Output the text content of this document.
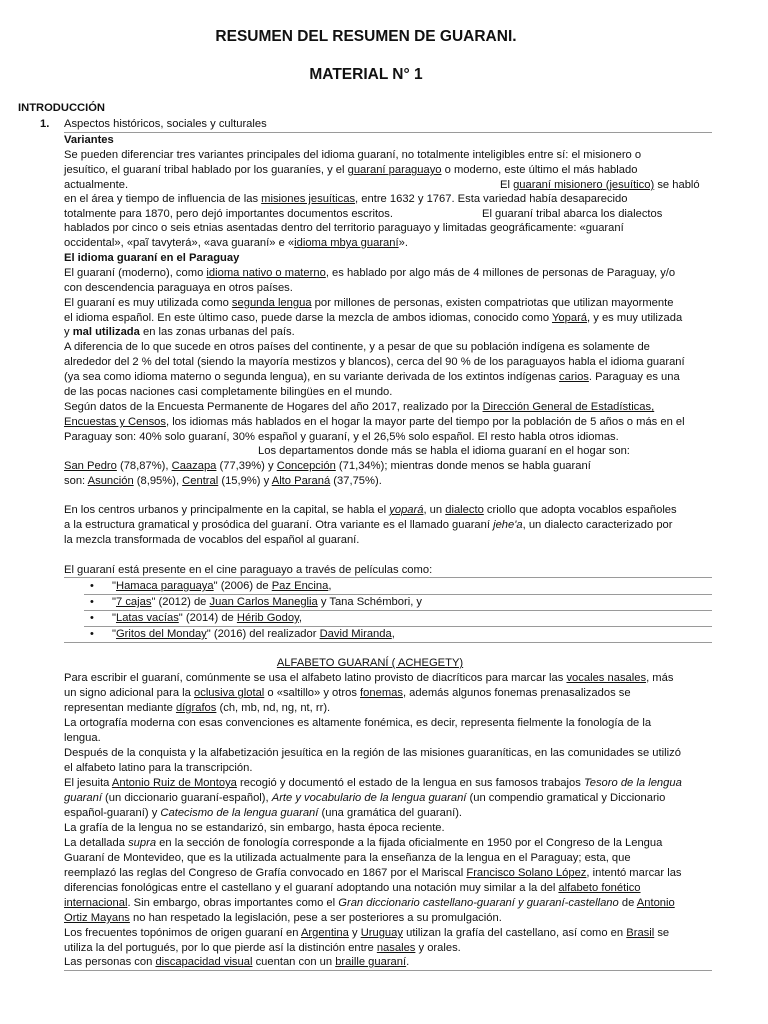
RESUMEN DEL RESUMEN DE GUARANI.
MATERIAL N° 1
INTRODUCCIÓN
1. Aspectos históricos, sociales y culturales
Variantes
Se pueden diferenciar tres variantes principales del idioma guaraní, no totalmente inteligibles entre sí: el misionero o
jesuítico, el guaraní tribal hablado por los guaraníes, y el guaraní paraguayo o moderno, este último el más hablado
actualmente.	El guaraní misionero (jesuítico) se habló
en el área y tiempo de influencia de las misiones jesuíticas, entre 1632 y 1767. Esta variedad había desaparecido
totalmente para 1870, pero dejó importantes documentos escritos.	El guaraní tribal abarca los dialectos
hablados por cinco o seis etnias asentadas dentro del territorio paraguayo y limitadas geográficamente: «guaraní
occidental», «paĩ tavyterá», «ava guaraní» e «idioma mbya guaraní».
El idioma guaraní en el Paraguay
El guaraní (moderno), como idioma nativo o materno, es hablado por algo más de 4 millones de personas de Paraguay, y/o
con descendencia paraguaya en otros países.
El guaraní es muy utilizada como segunda lengua por millones de personas, existen compatriotas que utilizan mayormente
el idioma español. En este último caso, puede darse la mezcla de ambos idiomas, conocido como Yopará, y es muy utilizada
y mal utilizada en las zonas urbanas del país.
A diferencia de lo que sucede en otros países del continente, y a pesar de que su población indígena es solamente de
alrededor del 2 % del total (siendo la mayoría mestizos y blancos), cerca del 90 % de los paraguayos habla el idioma guaraní
(ya sea como idioma materno o segunda lengua), en su variante derivada de los extintos indígenas carios. Paraguay es una
de las pocas naciones casi completamente bilingües en el mundo.
Según datos de la Encuesta Permanente de Hogares del año 2017, realizado por la Dirección General de Estadísticas,
Encuestas y Censos, los idiomas más hablados en el hogar la mayor parte del tiempo por la población de 5 años o más en el
Paraguay son: 40% solo guaraní, 30% español y guaraní, y el 26,5% solo español. El resto habla otros idiomas.
Los departamentos donde más se habla el idioma guaraní en el hogar son:
San Pedro (78,87%), Caazapa (77,39%) y Concepción (71,34%); mientras donde menos se habla guaraní
son: Asunción (8,95%), Central (15,9%) y Alto Paraná (37,75%).
En los centros urbanos y principalmente en la capital, se habla el yopará, un dialecto criollo que adopta vocablos españoles
a la estructura gramatical y prosódica del guaraní. Otra variante es el llamado guaraní jehe'a, un dialecto caracterizado por
la mezcla transformada de vocablos del español al guaraní.
El guaraní está presente en el cine paraguayo a través de películas como:
• "Hamaca paraguaya" (2006) de Paz Encina,
• "7 cajas" (2012) de Juan Carlos Maneglia y Tana Schémbori, y
• "Latas vacías" (2014) de Hérib Godoy,
• "Gritos del Monday" (2016) del realizador David Miranda,
ALFABETO GUARANÍ ( ACHEGETY)
Para escribir el guaraní, comúnmente se usa el alfabeto latino provisto de diacríticos para marcar las vocales nasales, más
un signo adicional para la oclusiva glotal o «saltillo» y otros fonemas, además algunos fonemas prenasalizados se
representan mediante dígrafos (ch, mb, nd, ng, nt, rr).
La ortografía moderna con esas convenciones es altamente fonémica, es decir, representa fielmente la fonología de la
lengua.
Después de la conquista y la alfabetización jesuítica en la región de las misiones guaraníticas, en las comunidades se utilizó
el alfabeto latino para la transcripción.
El jesuita Antonio Ruiz de Montoya recogió y documentó el estado de la lengua en sus famosos trabajos Tesoro de la lengua
guaraní (un diccionario guaraní-español), Arte y vocabulario de la lengua guaraní (un compendio gramatical y Diccionario
español-guaraní) y Catecismo de la lengua guaraní (una gramática del guaraní).
La grafía de la lengua no se estandarizó, sin embargo, hasta época reciente.
La detallada supra en la sección de fonología corresponde a la fijada oficialmente en 1950 por el Congreso de la Lengua
Guaraní de Montevideo, que es la utilizada actualmente para la enseñanza de la lengua en el Paraguay; esta, que
reemplazó las reglas del Congreso de Grafía convocado en 1867 por el Mariscal Francisco Solano López, intentó marcar las
diferencias fonológicas entre el castellano y el guaraní adoptando una notación muy similar a la del alfabeto fonético
internacional. Sin embargo, obras importantes como el Gran diccionario castellano-guaraní y guaraní-castellano de Antonio
Ortiz Mayans no han respetado la legislación, pese a ser posteriores a su promulgación.
Los frecuentes topónimos de origen guaraní en Argentina y Uruguay utilizan la grafía del castellano, así como en Brasil se
utiliza la del portugués, por lo que pierde así la distinción entre nasales y orales.
Las personas con discapacidad visual cuentan con un braille guaraní.
